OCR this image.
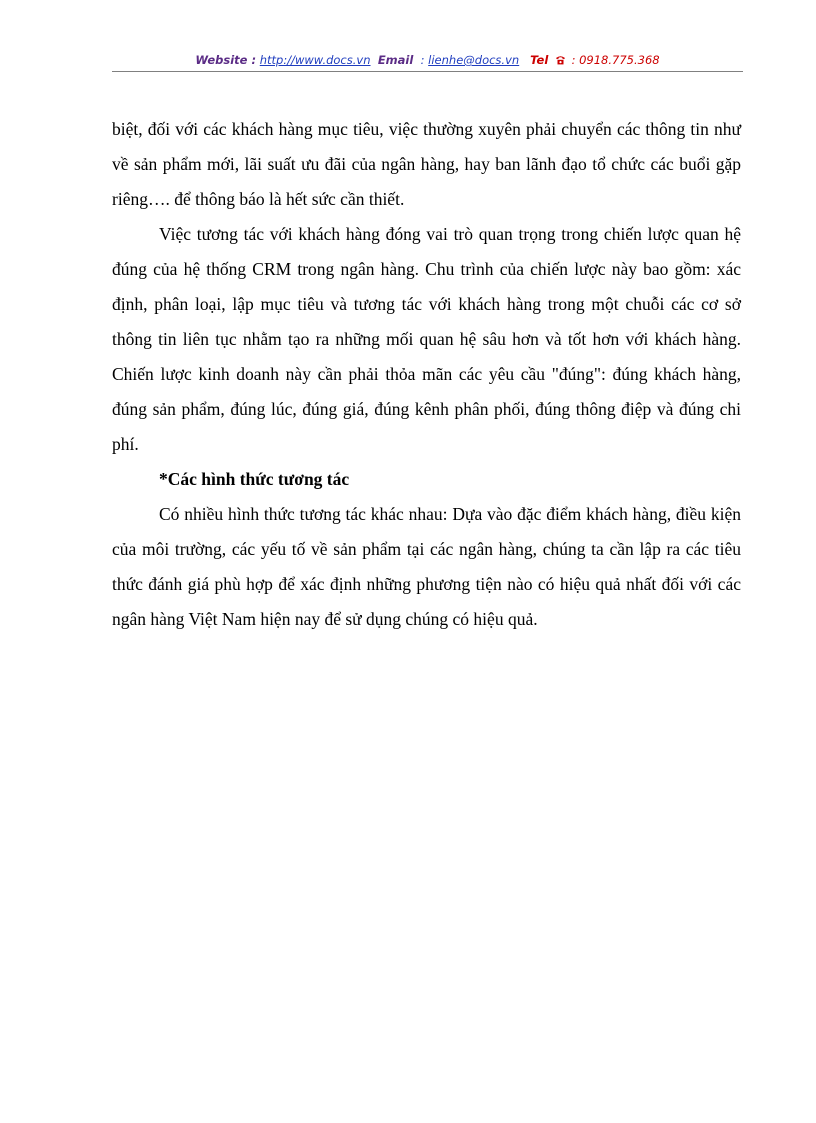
Website : http://www.docs.vn Email : lienhe@docs.vn Tel : 0918.775.368

biệt, đối với các khách hàng mục tiêu, việc thường xuyên phải chuyển các thông tin như về sản phẩm mới, lãi suất ưu đãi của ngân hàng, hay ban lãnh đạo tổ chức các buổi gặp riêng…. để thông báo là hết sức cần thiết.

Việc tương tác với khách hàng đóng vai trò quan trọng trong chiến lược quan hệ đúng của hệ thống CRM trong ngân hàng. Chu trình của chiến lược này bao gồm: xác định, phân loại, lập mục tiêu và tương tác với khách hàng trong một chuỗi các cơ sở thông tin liên tục nhằm tạo ra những mối quan hệ sâu hơn và tốt hơn với khách hàng. Chiến lược kinh doanh này cần phải thỏa mãn các yêu cầu "đúng": đúng khách hàng, đúng sản phẩm, đúng lúc, đúng giá, đúng kênh phân phối, đúng thông điệp và đúng chi phí.

*Các hình thức tương tác

Có nhiều hình thức tương tác khác nhau: Dựa vào đặc điểm khách hàng, điều kiện của môi trường, các yếu tố về sản phẩm tại các ngân hàng, chúng ta cần lập ra các tiêu thức đánh giá phù hợp để xác định những phương tiện nào có hiệu quả nhất đối với các ngân hàng Việt Nam hiện nay để sử dụng chúng có hiệu quả.
